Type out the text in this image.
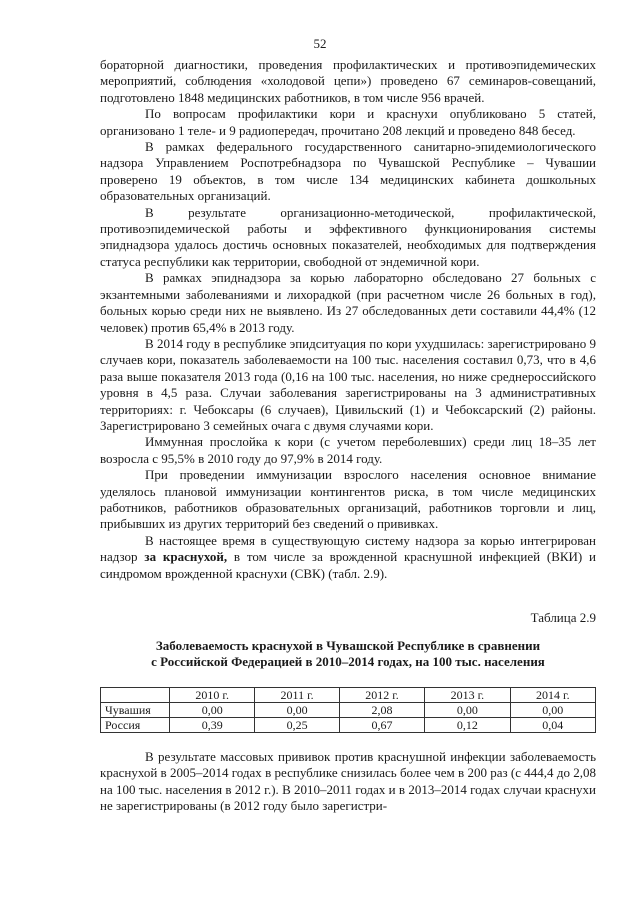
52

бораторной диагностики, проведения профилактических и противоэпидемических мероприятий, соблюдения «холодовой цепи») проведено 67 семинаров-совещаний, подготовлено 1848 медицинских работников, в том числе 956 врачей.

По вопросам профилактики кори и краснухи опубликовано 5 статей, организовано 1 теле- и 9 радиопередач, прочитано 208 лекций и проведено 848 бесед.

В рамках федерального государственного санитарно-эпидемиологического надзора Управлением Роспотребнадзора по Чувашской Республике – Чувашии проверено 19 объектов, в том числе 134 медицинских кабинета дошкольных образовательных организаций.

В результате организационно-методической, профилактической, противоэпидемической работы и эффективного функционирования системы эпиднадзора удалось достичь основных показателей, необходимых для подтверждения статуса республики как территории, свободной от эндемичной кори.

В рамках эпиднадзора за корью лабораторно обследовано 27 больных с экзантемными заболеваниями и лихорадкой (при расчетном числе 26 больных в год), больных корью среди них не выявлено. Из 27 обследованных дети составили 44,4% (12 человек) против 65,4% в 2013 году.

В 2014 году в республике эпидситуация по кори ухудшилась: зарегистрировано 9 случаев кори, показатель заболеваемости на 100 тыс. населения составил 0,73, что в 4,6 раза выше показателя 2013 года (0,16 на 100 тыс. населения, но ниже среднероссийского уровня в 4,5 раза. Случаи заболевания зарегистрированы на 3 административных территориях: г. Чебоксары (6 случаев), Цивильский (1) и Чебоксарский (2) районы. Зарегистрировано 3 семейных очага с двумя случаями кори.

Иммунная прослойка к кори (с учетом переболевших) среди лиц 18–35 лет возросла с 95,5% в 2010 году до 97,9% в 2014 году.

При проведении иммунизации взрослого населения основное внимание уделялось плановой иммунизации контингентов риска, в том числе медицинских работников, работников образовательных организаций, работников торговли и лиц, прибывших из других территорий без сведений о прививках.

В настоящее время в существующую систему надзора за корью интегрирован надзор за краснухой, в том числе за врожденной краснушной инфекцией (ВКИ) и синдромом врожденной краснухи (СВК) (табл. 2.9).

Таблица 2.9
Заболеваемость краснухой в Чувашской Республике в сравнении
с Российской Федерацией в 2010–2014 годах, на 100 тыс. населения
	2010 г.	2011 г.	2012 г.	2013 г.	2014 г.
Чувашия	0,00	0,00	2,08	0,00	0,00
Россия	0,39	0,25	0,67	0,12	0,04

В результате массовых прививок против краснушной инфекции заболеваемость краснухой в 2005–2014 годах в республике снизилась более чем в 200 раз (с 444,4 до 2,08 на 100 тыс. населения в 2012 г.). В 2010–2011 годах и в 2013–2014 годах случаи краснухи не зарегистрированы (в 2012 году было зарегистри-
